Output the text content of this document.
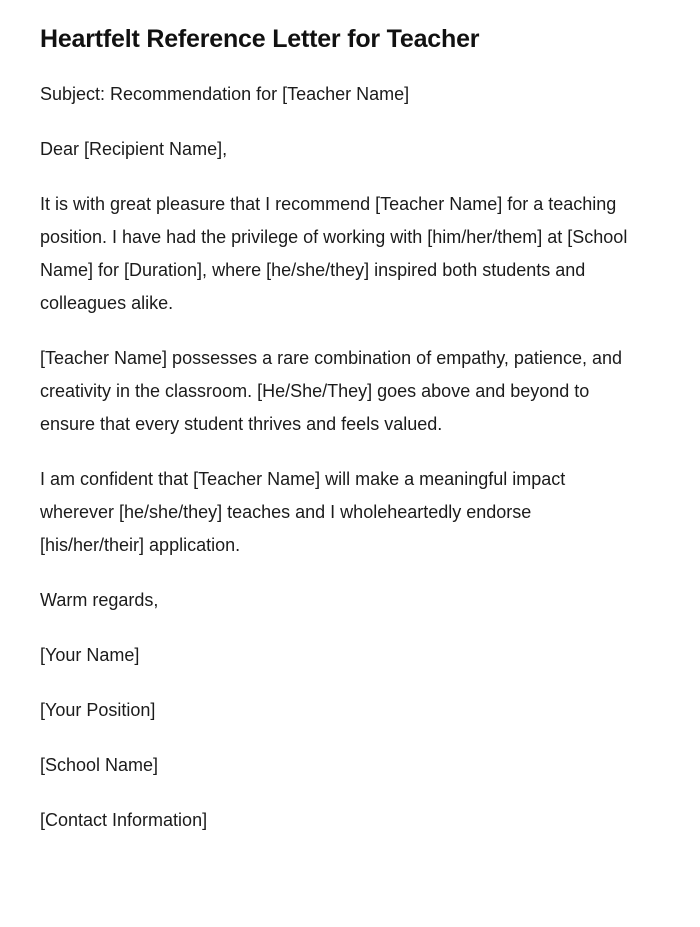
Heartfelt Reference Letter for Teacher

Subject: Recommendation for [Teacher Name]

Dear [Recipient Name],

It is with great pleasure that I recommend [Teacher Name] for a teaching position. I have had the privilege of working with [him/her/them] at [School Name] for [Duration], where [he/she/they] inspired both students and colleagues alike.

[Teacher Name] possesses a rare combination of empathy, patience, and creativity in the classroom. [He/She/They] goes above and beyond to ensure that every student thrives and feels valued.

I am confident that [Teacher Name] will make a meaningful impact wherever [he/she/they] teaches and I wholeheartedly endorse [his/her/their] application.

Warm regards,

[Your Name]

[Your Position]

[School Name]

[Contact Information]
